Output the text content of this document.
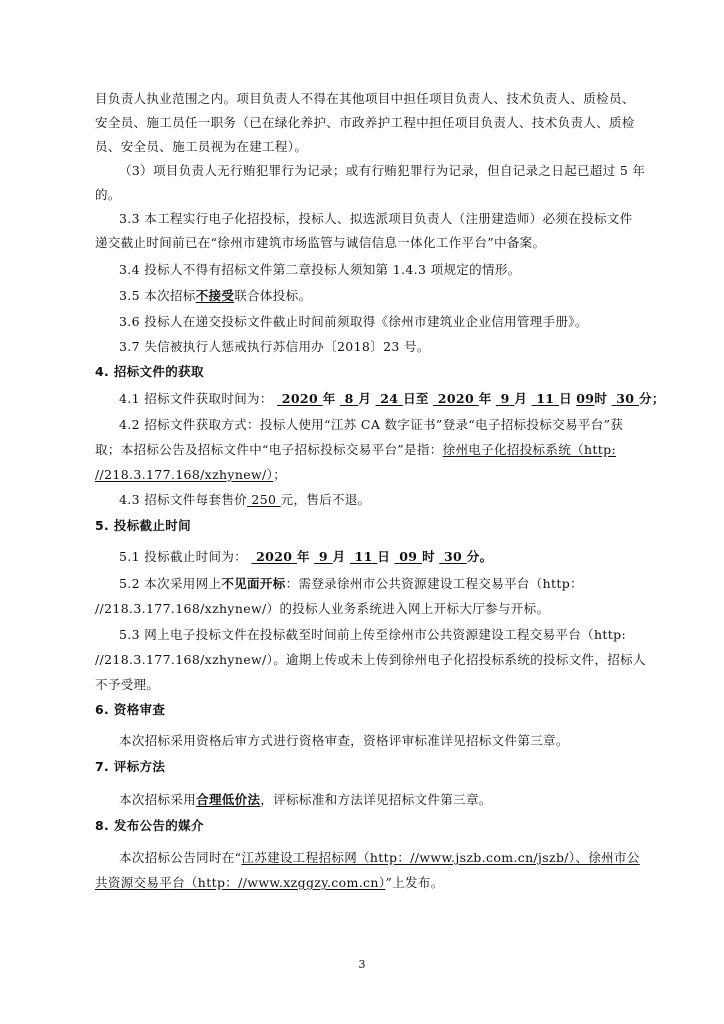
目负责人执业范围之内。项目负责人不得在其他项目中担任项目负责人、技术负责人、质检员、
安全员、施工员任一职务（已在绿化养护、市政养护工程中担任项目负责人、技术负责人、质检
员、安全员、施工员视为在建工程）。
（3）项目负责人无行贿犯罪行为记录；或有行贿犯罪行为记录，但自记录之日起已超过 5 年
的。
3.3 本工程实行电子化招投标，投标人、拟选派项目负责人（注册建造师）必须在投标文件
递交截止时间前已在“徐州市建筑市场监管与诚信信息一体化工作平台”中备案。
3.4 投标人不得有招标文件第二章投标人须知第 1.4.3 项规定的情形。
3.5 本次招标不接受联合体投标。
3.6 投标人在递交投标文件截止时间前须取得《徐州市建筑业企业信用管理手册》。
3.7 失信被执行人惩戒执行苏信用办〔2018〕23 号。
4. 招标文件的获取
4.1 招标文件获取时间为： 2020 年 8 月 24 日至 2020 年 9 月 11 日 09时 30 分；
4.2 招标文件获取方式：投标人使用“江苏 CA 数字证书”登录“电子招标投标交易平台”获
取；本招标公告及招标文件中“电子招标投标交易平台”是指：徐州电子化招投标系统（http:
//218.3.177.168/xzhynew/）；
4.3 招标文件每套售价 250 元，售后不退。
5. 投标截止时间
5.1 投标截止时间为： 2020 年 9 月 11 日 09 时 30 分。
5.2 本次采用网上不见面开标：需登录徐州市公共资源建设工程交易平台（http：
//218.3.177.168/xzhynew/）的投标人业务系统进入网上开标大厅参与开标。
5.3 网上电子投标文件在投标截至时间前上传至徐州市公共资源建设工程交易平台（http:
//218.3.177.168/xzhynew/）。逾期上传或未上传到徐州电子化招投标系统的投标文件，招标人
不予受理。
6. 资格审查
本次招标采用资格后审方式进行资格审查，资格评审标准详见招标文件第三章。
7. 评标方法
本次招标采用合理低价法，评标标准和方法详见招标文件第三章。
8. 发布公告的媒介
本次招标公告同时在“江苏建设工程招标网（http：//www.jszb.com.cn/jszb/）、徐州市公
共资源交易平台（http：//www.xzggzy.com.cn）”上发布。
3
